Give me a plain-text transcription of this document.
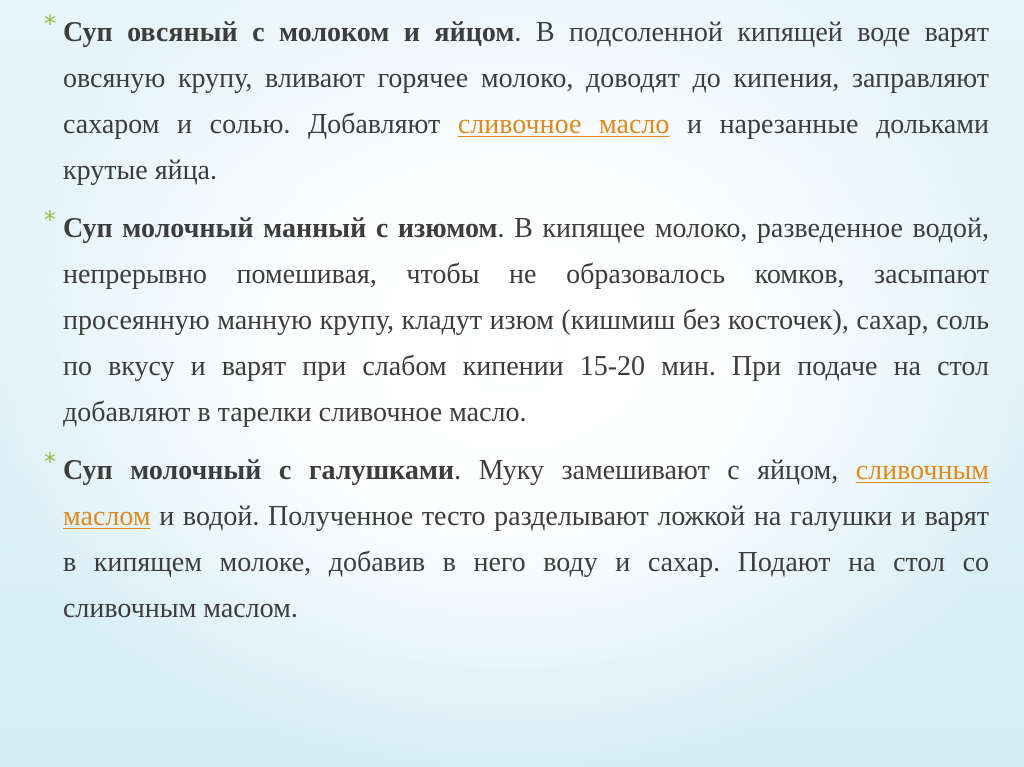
* Суп овсяный с молоком и яйцом. В подсоленной кипящей воде варят овсяную крупу, вливают горячее молоко, доводят до кипения, заправляют сахаром и солью. Добавляют сливочное масло и нарезанные дольками крутые яйца.
* Суп молочный манный с изюмом. В кипящее молоко, разведенное водой, непрерывно помешивая, чтобы не образовалось комков, засыпают просеянную манную крупу, кладут изюм (кишмиш без косточек), сахар, соль по вкусу и варят при слабом кипении 15-20 мин. При подаче на стол добавляют в тарелки сливочное масло.
* Суп молочный с галушками. Муку замешивают с яйцом, сливочным маслом и водой. Полученное тесто разделывают ложкой на галушки и варят в кипящем молоке, добавив в него воду и сахар. Подают на стол со сливочным маслом.
